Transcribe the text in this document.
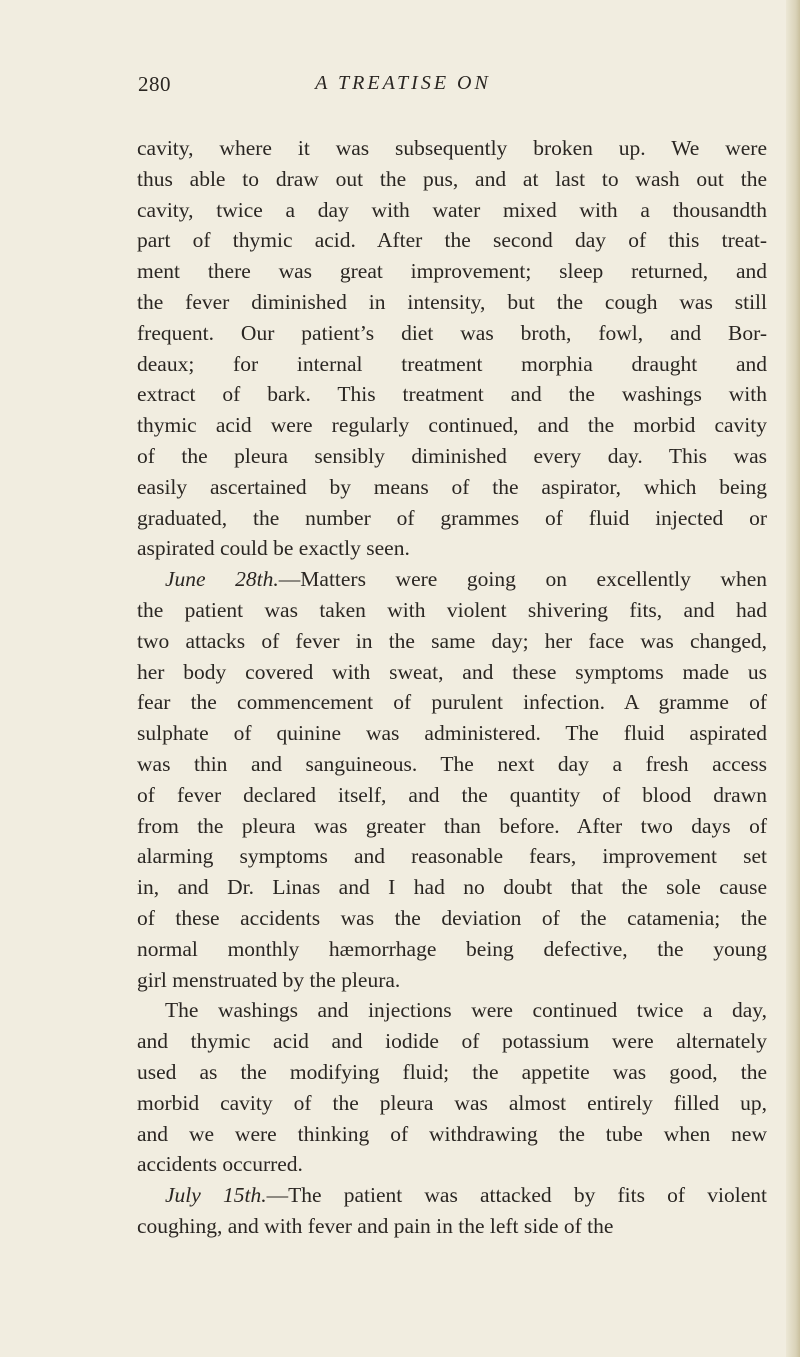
280	A TREATISE ON
cavity, where it was subsequently broken up. We were
thus able to draw out the pus, and at last to wash out the
cavity, twice a day with water mixed with a thousandth
part of thymic acid. After the second day of this treat-
ment there was great improvement; sleep returned, and
the fever diminished in intensity, but the cough was still
frequent. Our patient’s diet was broth, fowl, and Bor-
deaux; for internal treatment morphia draught and
extract of bark. This treatment and the washings with
thymic acid were regularly continued, and the morbid cavity
of the pleura sensibly diminished every day. This was
easily ascertained by means of the aspirator, which being
graduated, the number of grammes of fluid injected or
aspirated could be exactly seen.
June 28th.—Matters were going on excellently when
the patient was taken with violent shivering fits, and had
two attacks of fever in the same day; her face was changed,
her body covered with sweat, and these symptoms made us
fear the commencement of purulent infection. A gramme of
sulphate of quinine was administered. The fluid aspirated
was thin and sanguineous. The next day a fresh access
of fever declared itself, and the quantity of blood drawn
from the pleura was greater than before. After two days of
alarming symptoms and reasonable fears, improvement set
in, and Dr. Linas and I had no doubt that the sole cause
of these accidents was the deviation of the catamenia; the
normal monthly hæmorrhage being defective, the young
girl menstruated by the pleura.
The washings and injections were continued twice a day,
and thymic acid and iodide of potassium were alternately
used as the modifying fluid; the appetite was good, the
morbid cavity of the pleura was almost entirely filled up,
and we were thinking of withdrawing the tube when new
accidents occurred.
July 15th.—The patient was attacked by fits of violent
coughing, and with fever and pain in the left side of the
